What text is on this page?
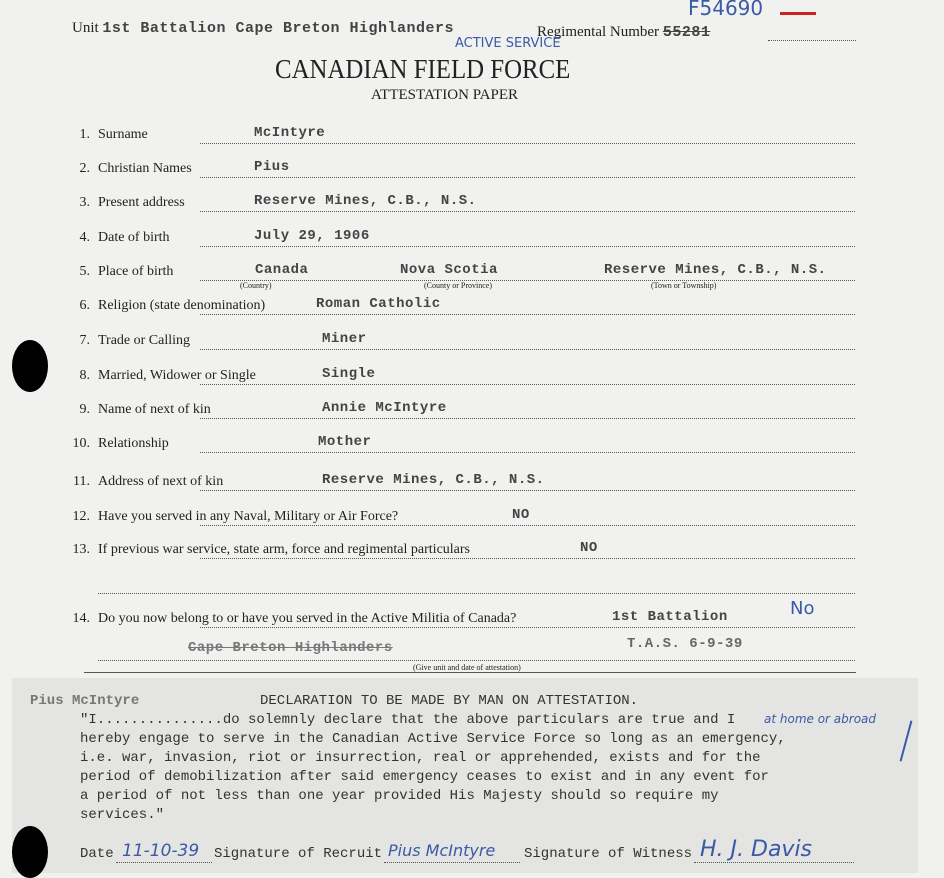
Unit 1st Battalion Cape Breton Highlanders	Regimental Number 55281
F54690
ACTIVE SERVICE
CANADIAN FIELD FORCE
ATTESTATION PAPER
1. Surname	McIntyre
2. Christian Names	Pius
3. Present address	Reserve Mines, C.B., N.S.
4. Date of birth	July 29, 1906
5. Place of birth	Canada	Nova Scotia	Reserve Mines, C.B., N.S.
(Country)	(County or Province)	(Town or Township)
6. Religion (state denomination)	Roman Catholic
7. Trade or Calling	Miner
8. Married, Widower or Single	Single
9. Name of next of kin	Annie McIntyre
10. Relationship	Mother
11. Address of next of kin	Reserve Mines, C.B., N.S.
12. Have you served in any Naval, Military or Air Force?	NO
13. If previous war service, state arm, force and regimental particulars	NO
14. Do you now belong to or have you served in the Active Militia of Canada?	1st Battalion	No
Cape Breton Highlanders	T.A.S. 6-9-39
(Give unit and date of attestation)
Pius McIntyre	DECLARATION TO BE MADE BY MAN ON ATTESTATION.
"I...............do solemnly declare that the above particulars are true and I
hereby engage to serve in the Canadian Active Service Force so long as an emergency,
i.e. war, invasion, riot or insurrection, real or apprehended, exists and for the
period of demobilization after said emergency ceases to exist and in any event for
a period of not less than one year provided His Majesty should so require my
services."
at home or abroad
Date 11-10-39 Signature of Recruit Pius McIntyre Signature of Witness H. J. Davis
